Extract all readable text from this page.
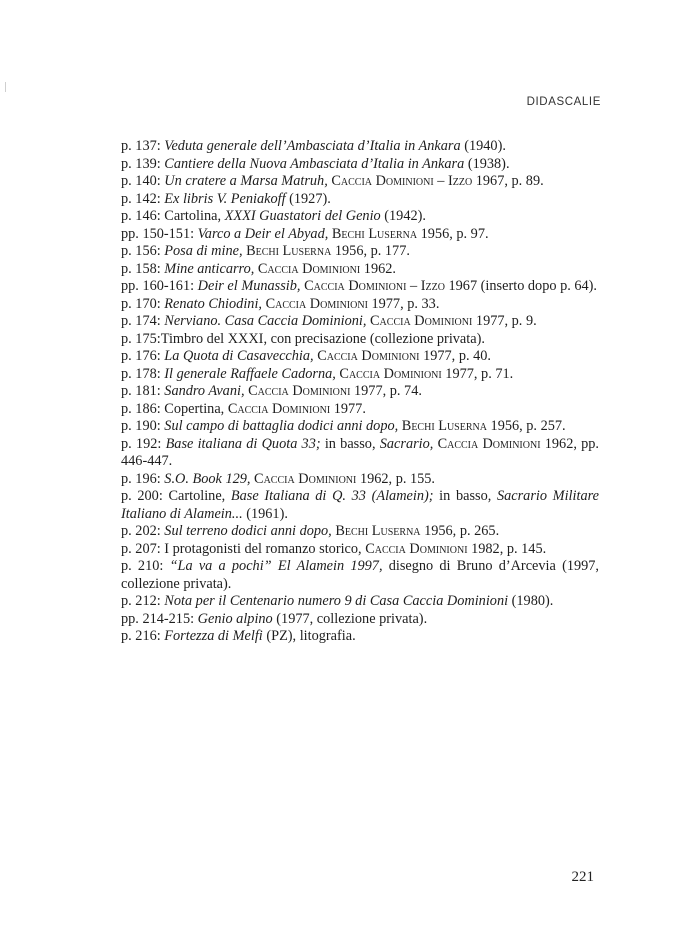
DIDASCALIE

p. 137: Veduta generale dell’Ambasciata d’Italia in Ankara (1940).

p. 139: Cantiere della Nuova Ambasciata d’Italia in Ankara (1938).

p. 140: Un cratere a Marsa Matruh, Caccia Dominioni – Izzo 1967, p. 89.

p. 142: Ex libris V. Peniakoff (1927).

p. 146: Cartolina, XXXI Guastatori del Genio (1942).

pp. 150-151: Varco a Deir el Abyad, Bechi Luserna 1956, p. 97.

p. 156: Posa di mine, Bechi Luserna 1956, p. 177.

p. 158: Mine anticarro, Caccia Dominioni 1962.

pp. 160-161: Deir el Munassib, Caccia Dominioni – Izzo 1967 (inserto dopo p. 64).

p. 170: Renato Chiodini, Caccia Dominioni 1977, p. 33.

p. 174: Nerviano. Casa Caccia Dominioni, Caccia Dominioni 1977, p. 9.

p. 175:Timbro del XXXI, con precisazione (collezione privata).

p. 176: La Quota di Casavecchia, Caccia Dominioni 1977, p. 40.

p. 178: Il generale Raffaele Cadorna, Caccia Dominioni 1977, p. 71.

p. 181: Sandro Avani, Caccia Dominioni 1977, p. 74.

p. 186: Copertina, Caccia Dominioni 1977.

p. 190: Sul campo di battaglia dodici anni dopo, Bechi Luserna 1956, p. 257.

p. 192: Base italiana di Quota 33; in basso, Sacrario, Caccia Dominioni 1962, pp. 446-447.

p. 196: S.O. Book 129, Caccia Dominioni 1962, p. 155.

p. 200: Cartoline, Base Italiana di Q. 33 (Alamein); in basso, Sacrario Militare Italiano di Alamein... (1961).

p. 202: Sul terreno dodici anni dopo, Bechi Luserna 1956, p. 265.

p. 207: I protagonisti del romanzo storico, Caccia Dominioni 1982, p. 145.

p. 210: “La va a pochi” El Alamein 1997, disegno di Bruno d’Arcevia (1997, collezione privata).

p. 212: Nota per il Centenario numero 9 di Casa Caccia Dominioni (1980).

pp. 214-215: Genio alpino (1977, collezione privata).

p. 216: Fortezza di Melfi (PZ), litografia.

221
